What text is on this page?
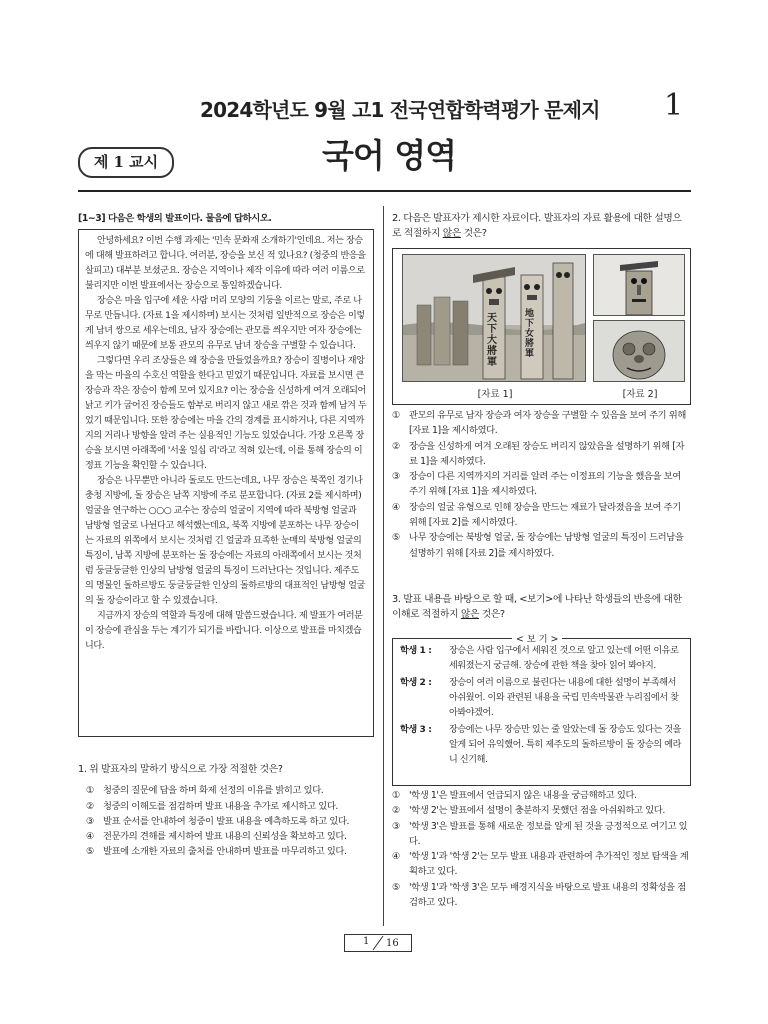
2024학년도 9월 고1 전국연합학력평가 문제지	1
제 1 교시	국어 영역
[1~3] 다음은 학생의 발표이다. 물음에 답하시오.

안녕하세요? 이번 수행 과제는 '민속 문화재 소개하기'인데요. 저는 장승에 대해 발표하려고 합니다. 여러분, 장승을 보신 적 있나요? (청중의 반응을 살피고) 대부분 보셨군요. 장승은 지역이나 제작 이유에 따라 여러 이름으로 불리지만 이번 발표에서는 장승으로 통일하겠습니다.

장승은 마을 입구에 세운 사람 머리 모양의 기둥을 이르는 말로, 주로 나무로 만듭니다. (자료 1을 제시하며) 보시는 것처럼 일반적으로 장승은 이렇게 남녀 쌍으로 세우는데요, 남자 장승에는 관모를 씌우지만 여자 장승에는 씌우지 않기 때문에 보통 관모의 유무로 남녀 장승을 구별할 수 있습니다.

그렇다면 우리 조상들은 왜 장승을 만들었을까요? 장승이 질병이나 재앙을 막는 마을의 수호신 역할을 한다고 믿었기 때문입니다. 자료를 보시면 큰 장승과 작은 장승이 함께 모여 있지요? 이는 장승을 신성하게 여겨 오래되어 낡고 키가 굽어진 장승들도 함부로 버리지 않고 새로 깎은 것과 함께 남겨 두었기 때문입니다. 또한 장승에는 마을 간의 경계를 표시하거나, 다른 지역까지의 거리나 방향을 알려 주는 실용적인 기능도 있었습니다. 가장 오른쪽 장승을 보시면 아래쪽에 '서울 일십 리'라고 적혀 있는데, 이를 통해 장승의 이정표 기능을 확인할 수 있습니다.

장승은 나무뿐만 아니라 돌로도 만드는데요, 나무 장승은 북쪽인 경기나 충청 지방에, 돌 장승은 남쪽 지방에 주로 분포합니다. (자료 2를 제시하며) 얼굴을 연구하는 ○○○ 교수는 장승의 얼굴이 지역에 따라 북방형 얼굴과 남방형 얼굴로 나뉜다고 해석했는데요, 북쪽 지방에 분포하는 나무 장승이는 자료의 위쪽에서 보시는 것처럼 긴 얼굴과 묘족한 눈매의 북방형 얼굴의 특징이, 남쪽 지방에 분포하는 돌 장승에는 자료의 아래쪽에서 보시는 것처럼 둥글둥글한 인상의 남방형 얼굴의 특징이 드러난다는 것입니다. 제주도의 명물인 돌하르방도 둥글둥글한 인상의 돌하르방의 대표적인 남방형 얼굴의 돌 장승이라고 할 수 있겠습니다.

지금까지 장승의 역할과 특징에 대해 말씀드렸습니다. 제 발표가 여러분이 장승에 관심을 두는 계기가 되기를 바랍니다. 이상으로 발표를 마치겠습니다.

1. 위 발표자의 말하기 방식으로 가장 적절한 것은?
① 청중의 질문에 답을 하며 화제 선정의 이유를 밝히고 있다.
② 청중의 이해도를 점검하며 발표 내용을 추가로 제시하고 있다.
③ 발표 순서를 안내하여 청중이 발표 내용을 예측하도록 하고 있다.
④ 전문가의 견해를 제시하여 발표 내용의 신뢰성을 확보하고 있다.
⑤ 발표에 소개한 자료의 출처를 안내하며 발표를 마무리하고 있다.
2. 다음은 발표자가 제시한 자료이다. 발표자의 자료 활용에 대한 설명으로 적절하지 않은 것은?
天下大將軍
地下女將軍
[자료 1]	[자료 2]
① 관모의 유무로 남자 장승과 여자 장승을 구별할 수 있음을 보여 주기 위해 [자료 1]을 제시하였다.
② 장승을 신성하게 여겨 오래된 장승도 버리지 않았음을 설명하기 위해 [자료 1]을 제시하였다.
③ 장승이 다른 지역까지의 거리를 알려 주는 이정표의 기능을 했음을 보여 주기 위해 [자료 1]을 제시하였다.
④ 장승의 얼굴 유형으로 인해 장승을 만드는 재료가 달라졌음을 보여 주기 위해 [자료 2]를 제시하였다.
⑤ 나무 장승에는 북방형 얼굴, 돌 장승에는 남방형 얼굴의 특징이 드러남을 설명하기 위해 [자료 2]를 제시하였다.
3. 발표 내용을 바탕으로 할 때, <보기>에 나타난 학생들의 반응에 대한 이해로 적절하지 않은 것은?
< 보 기 >
학생 1 : 장승은 사람 입구에서 세워진 것으로 알고 있는데 어떤 이유로 세워졌는지 궁금해. 장승에 관한 책을 찾아 읽어 봐야지.
학생 2 : 장승이 여러 이름으로 불린다는 내용에 대한 설명이 부족해서 아쉬웠어. 이와 관련된 내용을 국립 민속박물관 누리집에서 찾아봐야겠어.
학생 3 : 장승에는 나무 장승만 있는 줄 알았는데 돌 장승도 있다는 것을 알게 되어 유익했어. 특히 제주도의 돌하르방이 돌 장승의 예라니 신기해.
① '학생 1'은 발표에서 언급되지 않은 내용을 궁금해하고 있다.
② '학생 2'는 발표에서 설명이 충분하지 못했던 점을 아쉬워하고 있다.
③ '학생 3'은 발표를 통해 새로운 정보를 알게 된 것을 긍정적으로 여기고 있다.
④ '학생 1'과 '학생 2'는 모두 발표 내용과 관련하여 추가적인 정보 탐색을 계획하고 있다.
⑤ '학생 1'과 '학생 3'은 모두 배경지식을 바탕으로 발표 내용의 정확성을 점검하고 있다.
1 16
